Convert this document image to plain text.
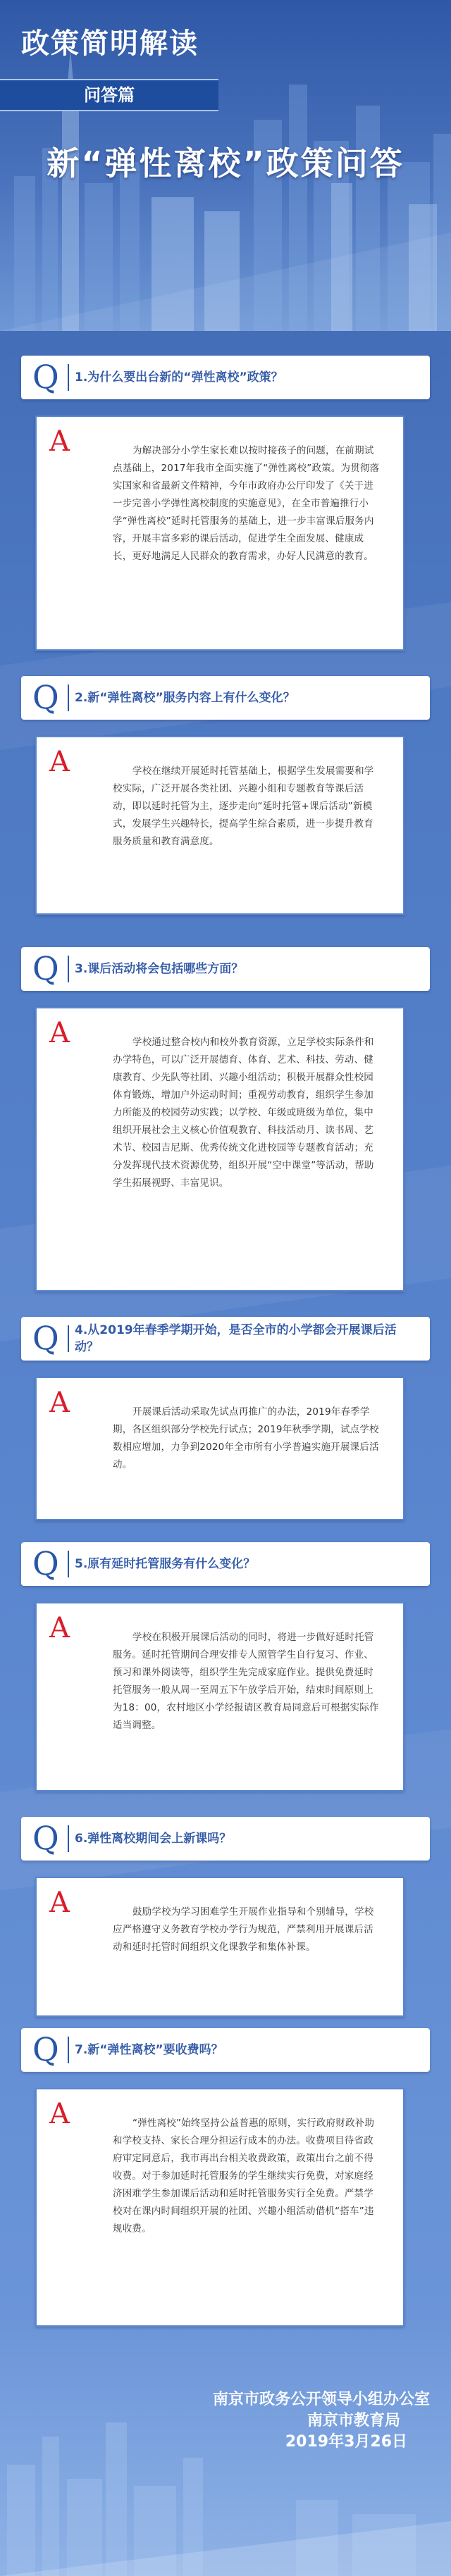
政策简明解读
问答篇
新“弹性离校”政策问答
Q 1.为什么要出台新的“弹性离校”政策？
A	为解决部分小学生家长难以按时接孩子的问题，在前期试点基础上，2017年我市全面实施了“弹性离校”政策。为贯彻落实国家和省最新文件精神，今年市政府办公厅印发了《关于进一步完善小学弹性离校制度的实施意见》，在全市普遍推行小学“弹性离校”延时托管服务的基础上，进一步丰富课后服务内容，开展丰富多彩的课后活动，促进学生全面发展、健康成长，更好地满足人民群众的教育需求，办好人民满意的教育。
Q 2.新“弹性离校”服务内容上有什么变化？
A	学校在继续开展延时托管基础上，根据学生发展需要和学校实际，广泛开展各类社团、兴趣小组和专题教育等课后活动，即以延时托管为主，逐步走向“延时托管+课后活动”新模式，发展学生兴趣特长，提高学生综合素质，进一步提升教育服务质量和教育满意度。
Q 3.课后活动将会包括哪些方面？
A	学校通过整合校内和校外教育资源，立足学校实际条件和办学特色，可以广泛开展德育、体育、艺术、科技、劳动、健康教育、少先队等社团、兴趣小组活动；积极开展群众性校园体育锻炼，增加户外运动时间；重视劳动教育，组织学生参加力所能及的校园劳动实践；以学校、年级或班级为单位，集中组织开展社会主义核心价值观教育、科技活动月、读书周、艺术节、校园吉尼斯、优秀传统文化进校园等专题教育活动；充分发挥现代技术资源优势，组织开展“空中课堂”等活动，帮助学生拓展视野、丰富见识。
Q 4.从2019年春季学期开始，是否全市的小学都会开展课后活动？
A	开展课后活动采取先试点再推广的办法，2019年春季学期，各区组织部分学校先行试点；2019年秋季学期，试点学校数相应增加，力争到2020年全市所有小学普遍实施开展课后活动。
Q 5.原有延时托管服务有什么变化？
A	学校在积极开展课后活动的同时，将进一步做好延时托管服务。延时托管期间合理安排专人照管学生自行复习、作业、预习和课外阅读等，组织学生先完成家庭作业。提供免费延时托管服务一般从周一至周五下午放学后开始，结束时间原则上为18：00，农村地区小学经报请区教育局同意后可根据实际作适当调整。
Q 6.弹性离校期间会上新课吗？
A	鼓励学校为学习困难学生开展作业指导和个别辅导，学校应严格遵守义务教育学校办学行为规范，严禁利用开展课后活动和延时托管时间组织文化课教学和集体补课。
Q 7.新“弹性离校”要收费吗？
A	“弹性离校”始终坚持公益普惠的原则，实行政府财政补助和学校支持、家长合理分担运行成本的办法。收费项目待省政府审定同意后，我市再出台相关收费政策，政策出台之前不得收费。对于参加延时托管服务的学生继续实行免费，对家庭经济困难学生参加课后活动和延时托管服务实行全免费。严禁学校对在课内时间组织开展的社团、兴趣小组活动借机“搭车”违规收费。
南京市政务公开领导小组办公室
南京市教育局
2019年3月26日
